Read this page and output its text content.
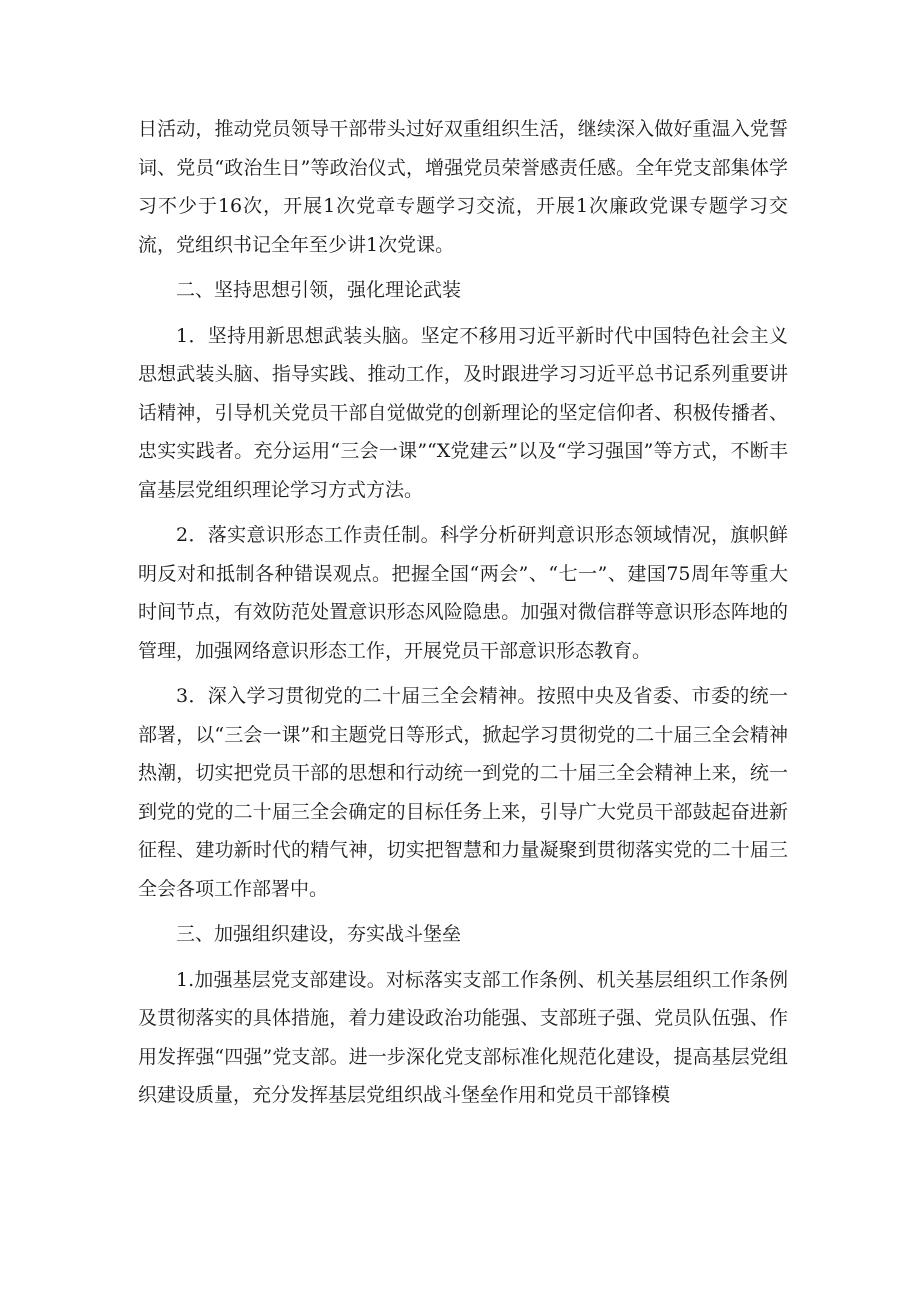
日活动，推动党员领导干部带头过好双重组织生活，继续深入做好重温入党誓词、党员“政治生日”等政治仪式，增强党员荣誉感责任感。全年党支部集体学习不少于16次，开展1次党章专题学习交流，开展1次廉政党课专题学习交流，党组织书记全年至少讲1次党课。

二、坚持思想引领，强化理论武装

1．坚持用新思想武装头脑。坚定不移用习近平新时代中国特色社会主义思想武装头脑、指导实践、推动工作，及时跟进学习习近平总书记系列重要讲话精神，引导机关党员干部自觉做党的创新理论的坚定信仰者、积极传播者、忠实实践者。充分运用“三会一课”“X党建云”以及“学习强国”等方式，不断丰富基层党组织理论学习方式方法。

2．落实意识形态工作责任制。科学分析研判意识形态领域情况，旗帜鲜明反对和抵制各种错误观点。把握全国“两会”、“七一”、建国75周年等重大时间节点，有效防范处置意识形态风险隐患。加强对微信群等意识形态阵地的管理，加强网络意识形态工作，开展党员干部意识形态教育。

3．深入学习贯彻党的二十届三全会精神。按照中央及省委、市委的统一部署，以“三会一课”和主题党日等形式，掀起学习贯彻党的二十届三全会精神热潮，切实把党员干部的思想和行动统一到党的二十届三全会精神上来，统一到党的党的二十届三全会确定的目标任务上来，引导广大党员干部鼓起奋进新征程、建功新时代的精气神，切实把智慧和力量凝聚到贯彻落实党的二十届三全会各项工作部署中。

三、加强组织建设，夯实战斗堡垒

1.加强基层党支部建设。对标落实支部工作条例、机关基层组织工作条例及贯彻落实的具体措施，着力建设政治功能强、支部班子强、党员队伍强、作用发挥强“四强”党支部。进一步深化党支部标准化规范化建设，提高基层党组织建设质量，充分发挥基层党组织战斗堡垒作用和党员干部锋模
